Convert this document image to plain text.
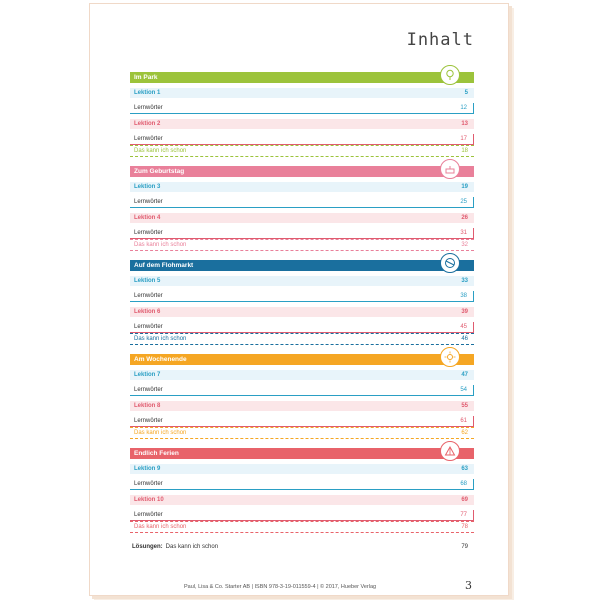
Inhalt
Im Park
Lektion 1	5
Lernwörter	12
Lektion 2	13
Lernwörter	17
Das kann ich schon	18
Zum Geburtstag
Lektion 3	19
Lernwörter	25
Lektion 4	26
Lernwörter	31
Das kann ich schon	32
Auf dem Flohmarkt
Lektion 5	33
Lernwörter	38
Lektion 6	39
Lernwörter	45
Das kann ich schon	46
Am Wochenende
Lektion 7	47
Lernwörter	54
Lektion 8	55
Lernwörter	61
Das kann ich schon	62
Endlich Ferien
Lektion 9	63
Lernwörter	68
Lektion 10	69
Lernwörter	77
Das kann ich schon	78
Lösungen: Das kann ich schon	79
Paul, Lisa & Co. Starter AB | ISBN 978-3-19-011559-4 | © 2017, Hueber Verlag	3
